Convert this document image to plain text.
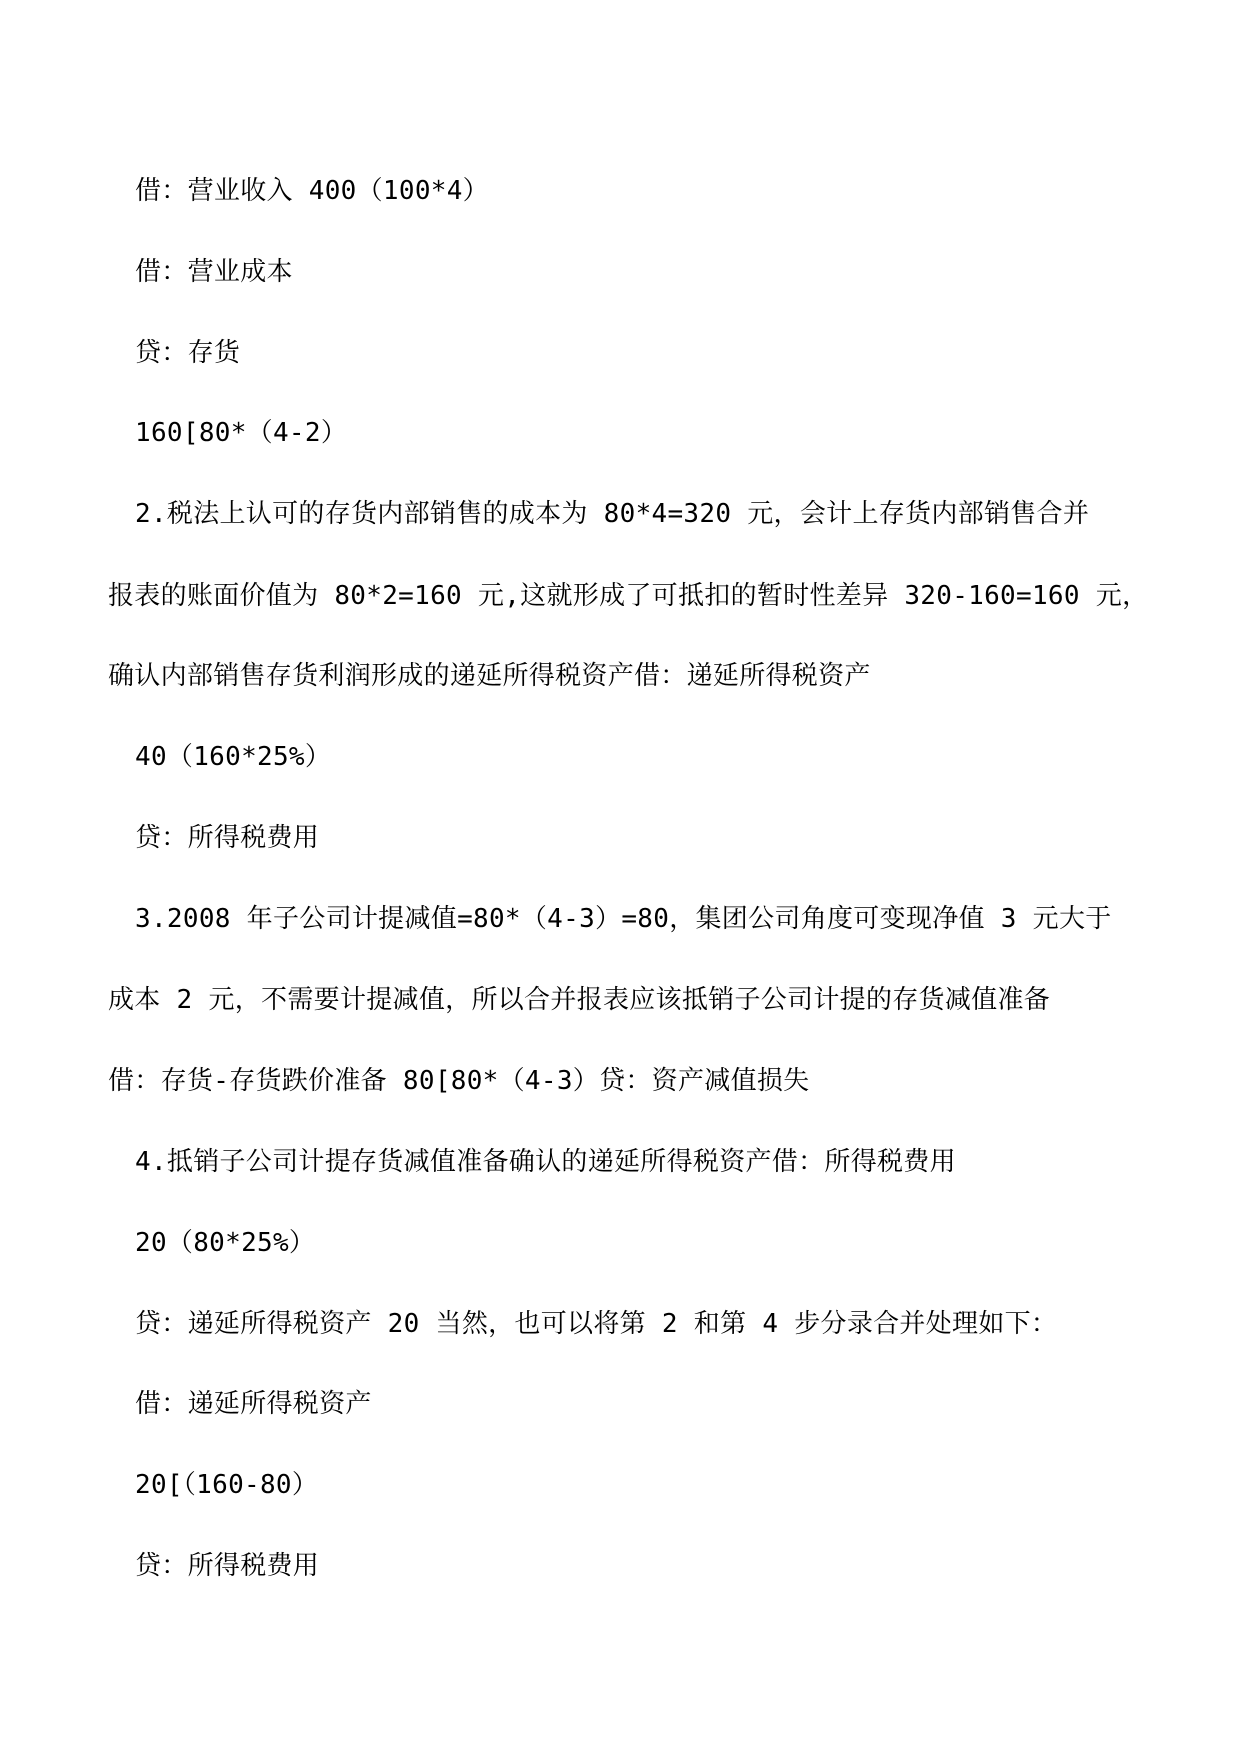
借：营业收入 400（100*4）
借：营业成本
贷：存货
160[80*（4-2）
2.税法上认可的存货内部销售的成本为 80*4=320 元，会计上存货内部销售合并
报表的账面价值为 80*2=160 元,这就形成了可抵扣的暂时性差异 320-160=160 元，
确认内部销售存货利润形成的递延所得税资产借：递延所得税资产
40（160*25%）
贷：所得税费用
3.2008 年子公司计提减值=80*（4-3）=80，集团公司角度可变现净值 3 元大于
成本 2 元，不需要计提减值，所以合并报表应该抵销子公司计提的存货减值准备
借：存货-存货跌价准备 80[80*（4-3）贷：资产减值损失
4.抵销子公司计提存货减值准备确认的递延所得税资产借：所得税费用
20（80*25%）
贷：递延所得税资产 20 当然，也可以将第 2 和第 4 步分录合并处理如下：
借：递延所得税资产
20[（160-80）
贷：所得税费用
